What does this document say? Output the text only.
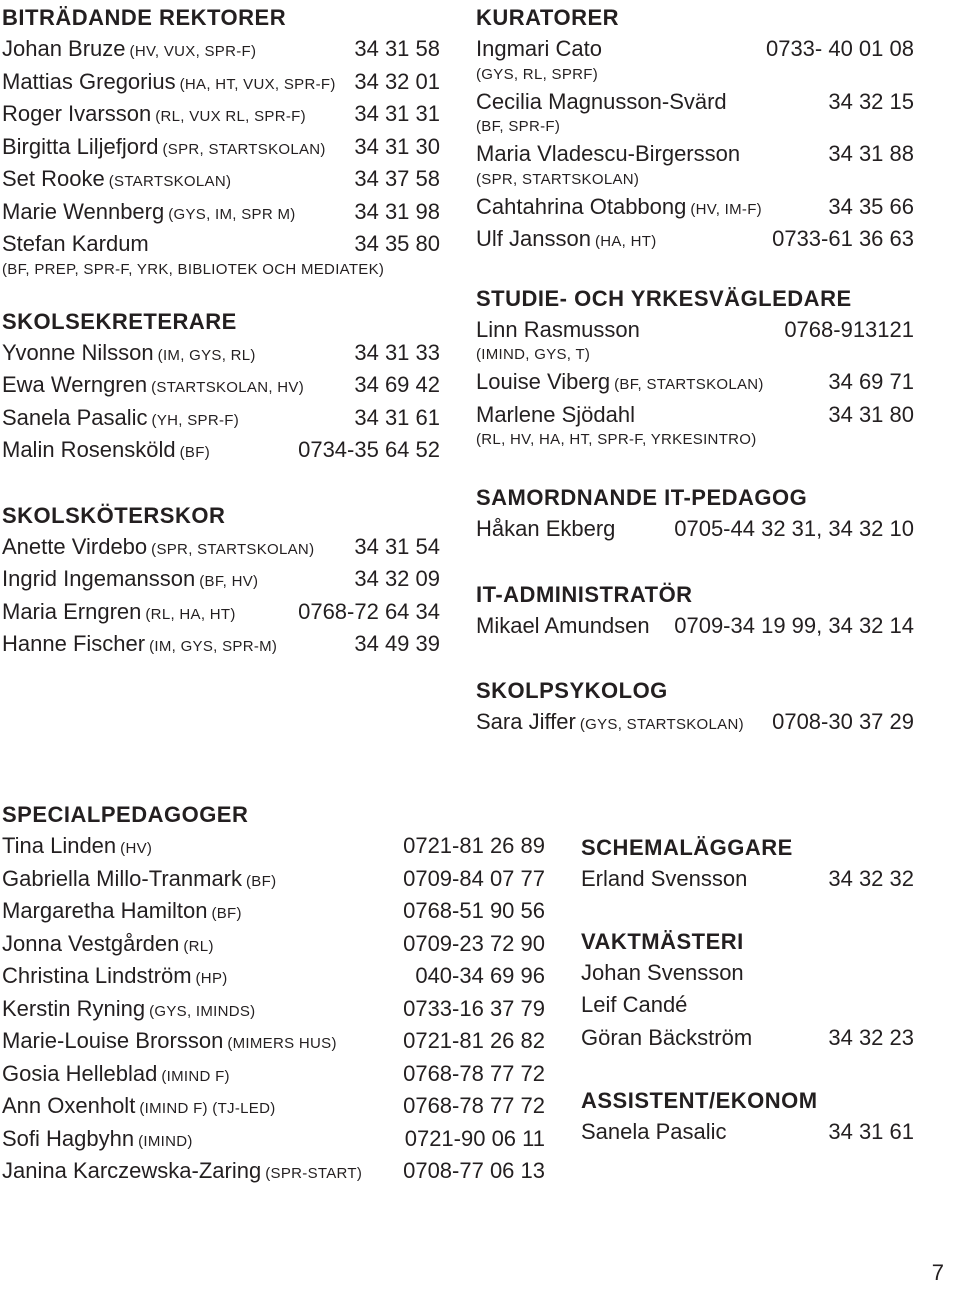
BITRÄDANDE REKTORER
Johan Bruze (HV, VUX, SPR-F)	34 31 58
Mattias Gregorius (HA, HT, VUX, SPR-F) 34 32 01
Roger Ivarsson (RL, VUX RL, SPR-F) 34 31 31
Birgitta Liljefjord (SPR, STARTSKOLAN) 34 31 30
Set Rooke (STARTSKOLAN)	34 37 58
Marie Wennberg (GYS, IM, SPR M)	34 31 98
Stefan Kardum	34 35 80
(BF, PREP, SPR-F, YRK, BIBLIOTEK OCH MEDIATEK)
SKOLSEKRETERARE
Yvonne Nilsson (IM, GYS, RL)	34 31 33
Ewa Werngren (STARTSKOLAN, HV) 34 69 42
Sanela Pasalic (YH, SPR-F)	34 31 61
Malin Rosensköld (BF)	0734-35 64 52
SKOLSKÖTERSKOR
Anette Virdebo (SPR, STARTSKOLAN) 34 31 54
Ingrid Ingemansson (BF, HV)	34 32 09
Maria Erngren (RL, HA, HT)	0768-72 64 34
Hanne Fischer (IM, GYS, SPR-M)	34 49 39
KURATORER
Ingmari Cato	0733- 40 01 08
(GYS, RL, SPRF)
Cecilia Magnusson-Svärd	34 32 15
(BF, SPR-F)
Maria Vladescu-Birgersson	34 31 88
(SPR, STARTSKOLAN)
Cahtahrina Otabbong (HV, IM-F)	34 35 66
Ulf Jansson (HA, HT)	0733-61 36 63
STUDIE- OCH YRKESVÄGLEDARE
Linn Rasmusson	0768-913121
(IMIND, GYS, T)
Louise Viberg (BF, STARTSKOLAN)	34 69 71
Marlene Sjödahl	34 31 80
(RL, HV, HA, HT, SPR-F, YRKESINTRO)
SAMORDNANDE IT-PEDAGOG
Håkan Ekberg	0705-44 32 31, 34 32 10
IT-ADMINISTRATÖR
Mikael Amundsen 0709-34 19 99, 34 32 14
SKOLPSYKOLOG
Sara Jiffer (GYS, STARTSKOLAN) 0708-30 37 29
SPECIALPEDAGOGER
Tina Linden (HV)	0721-81 26 89
Gabriella Millo-Tranmark (BF)	0709-84 07 77
Margaretha Hamilton (BF)	0768-51 90 56
Jonna Vestgården (RL)	0709-23 72 90
Christina Lindström (HP)	040-34 69 96
Kerstin Ryning (GYS, IMINDS)	0733-16 37 79
Marie-Louise Brorsson (MIMERS HUS)	0721-81 26 82
Gosia Helleblad (IMIND F)	0768-78 77 72
Ann Oxenholt (IMIND F) (TJ-LED)	0768-78 77 72
Sofi Hagbyhn (IMIND)	0721-90 06 11
Janina Karczewska-Zaring (SPR-START) 0708-77 06 13
SCHEMALÄGGARE
Erland Svensson	34 32 32
VAKTMÄSTERI
Johan Svensson
Leif Candé
Göran Bäckström	34 32 23
ASSISTENT/EKONOM
Sanela Pasalic	34 31 61
7
